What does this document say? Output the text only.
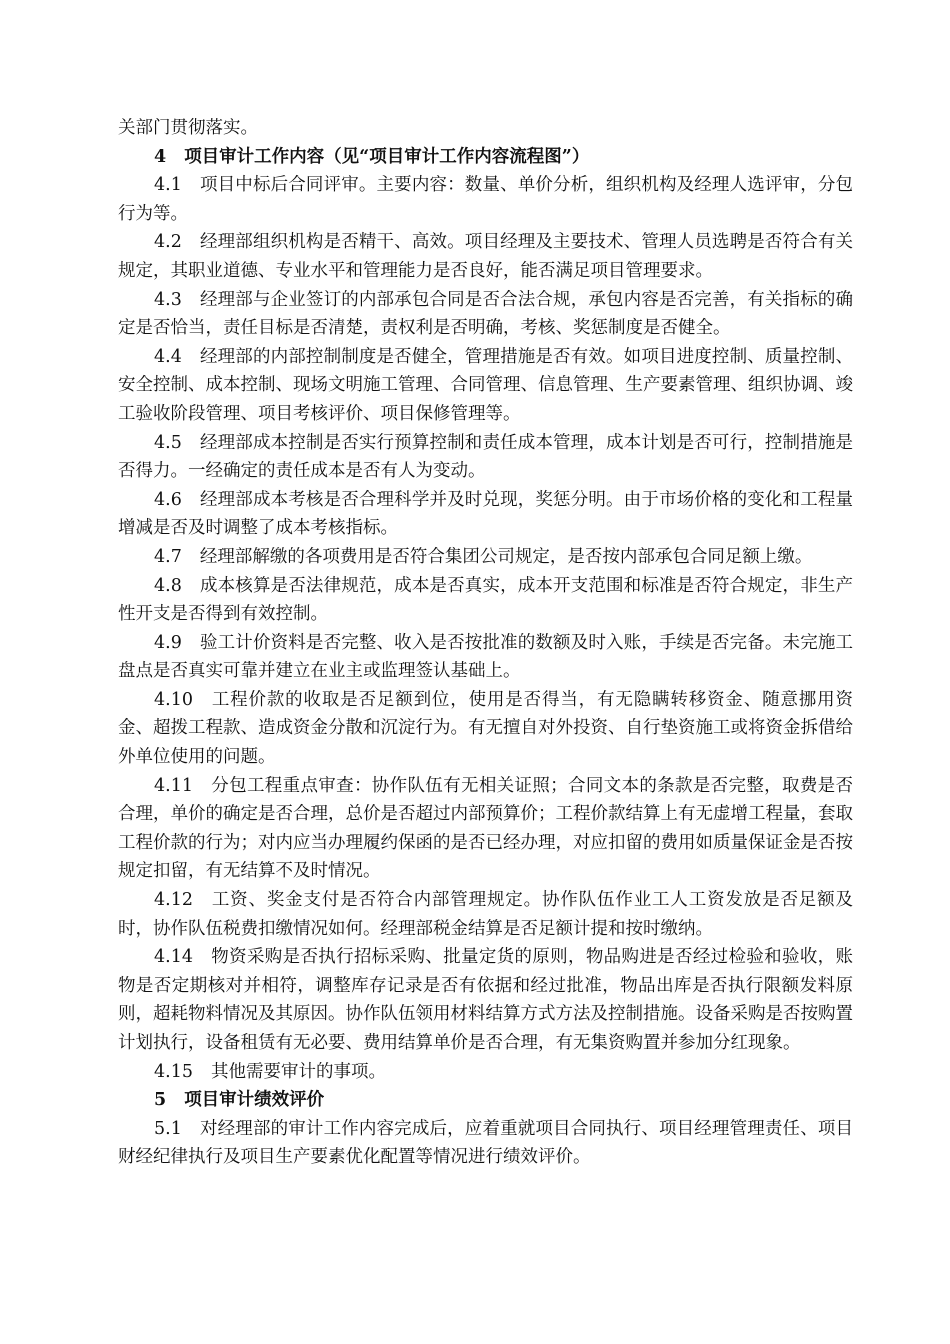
关部门贯彻落实。

4 项目审计工作内容（见“项目审计工作内容流程图”）

4.1 项目中标后合同评审。主要内容：数量、单价分析，组织机构及经理人选评审，分包行为等。

4.2 经理部组织机构是否精干、高效。项目经理及主要技术、管理人员选聘是否符合有关规定，其职业道德、专业水平和管理能力是否良好，能否满足项目管理要求。

4.3 经理部与企业签订的内部承包合同是否合法合规，承包内容是否完善，有关指标的确定是否恰当，责任目标是否清楚，责权利是否明确，考核、奖惩制度是否健全。

4.4 经理部的内部控制制度是否健全，管理措施是否有效。如项目进度控制、质量控制、安全控制、成本控制、现场文明施工管理、合同管理、信息管理、生产要素管理、组织协调、竣工验收阶段管理、项目考核评价、项目保修管理等。

4.5 经理部成本控制是否实行预算控制和责任成本管理，成本计划是否可行，控制措施是否得力。一经确定的责任成本是否有人为变动。

4.6 经理部成本考核是否合理科学并及时兑现，奖惩分明。由于市场价格的变化和工程量增减是否及时调整了成本考核指标。

4.7 经理部解缴的各项费用是否符合集团公司规定，是否按内部承包合同足额上缴。

4.8 成本核算是否法律规范，成本是否真实，成本开支范围和标准是否符合规定，非生产性开支是否得到有效控制。

4.9 验工计价资料是否完整、收入是否按批准的数额及时入账，手续是否完备。未完施工盘点是否真实可靠并建立在业主或监理签认基础上。

4.10 工程价款的收取是否足额到位，使用是否得当，有无隐瞒转移资金、随意挪用资金、超拨工程款、造成资金分散和沉淀行为。有无擅自对外投资、自行垫资施工或将资金拆借给外单位使用的问题。

4.11 分包工程重点审查：协作队伍有无相关证照；合同文本的条款是否完整，取费是否合理，单价的确定是否合理，总价是否超过内部预算价；工程价款结算上有无虚增工程量，套取工程价款的行为；对内应当办理履约保函的是否已经办理，对应扣留的费用如质量保证金是否按规定扣留，有无结算不及时情况。

4.12 工资、奖金支付是否符合内部管理规定。协作队伍作业工人工资发放是否足额及时，协作队伍税费扣缴情况如何。经理部税金结算是否足额计提和按时缴纳。

4.14 物资采购是否执行招标采购、批量定货的原则，物品购进是否经过检验和验收，账物是否定期核对并相符，调整库存记录是否有依据和经过批准，物品出库是否执行限额发料原则，超耗物料情况及其原因。协作队伍领用材料结算方式方法及控制措施。设备采购是否按购置计划执行，设备租赁有无必要、费用结算单价是否合理，有无集资购置并参加分红现象。

4.15 其他需要审计的事项。

5 项目审计绩效评价

5.1 对经理部的审计工作内容完成后，应着重就项目合同执行、项目经理管理责任、项目财经纪律执行及项目生产要素优化配置等情况进行绩效评价。
